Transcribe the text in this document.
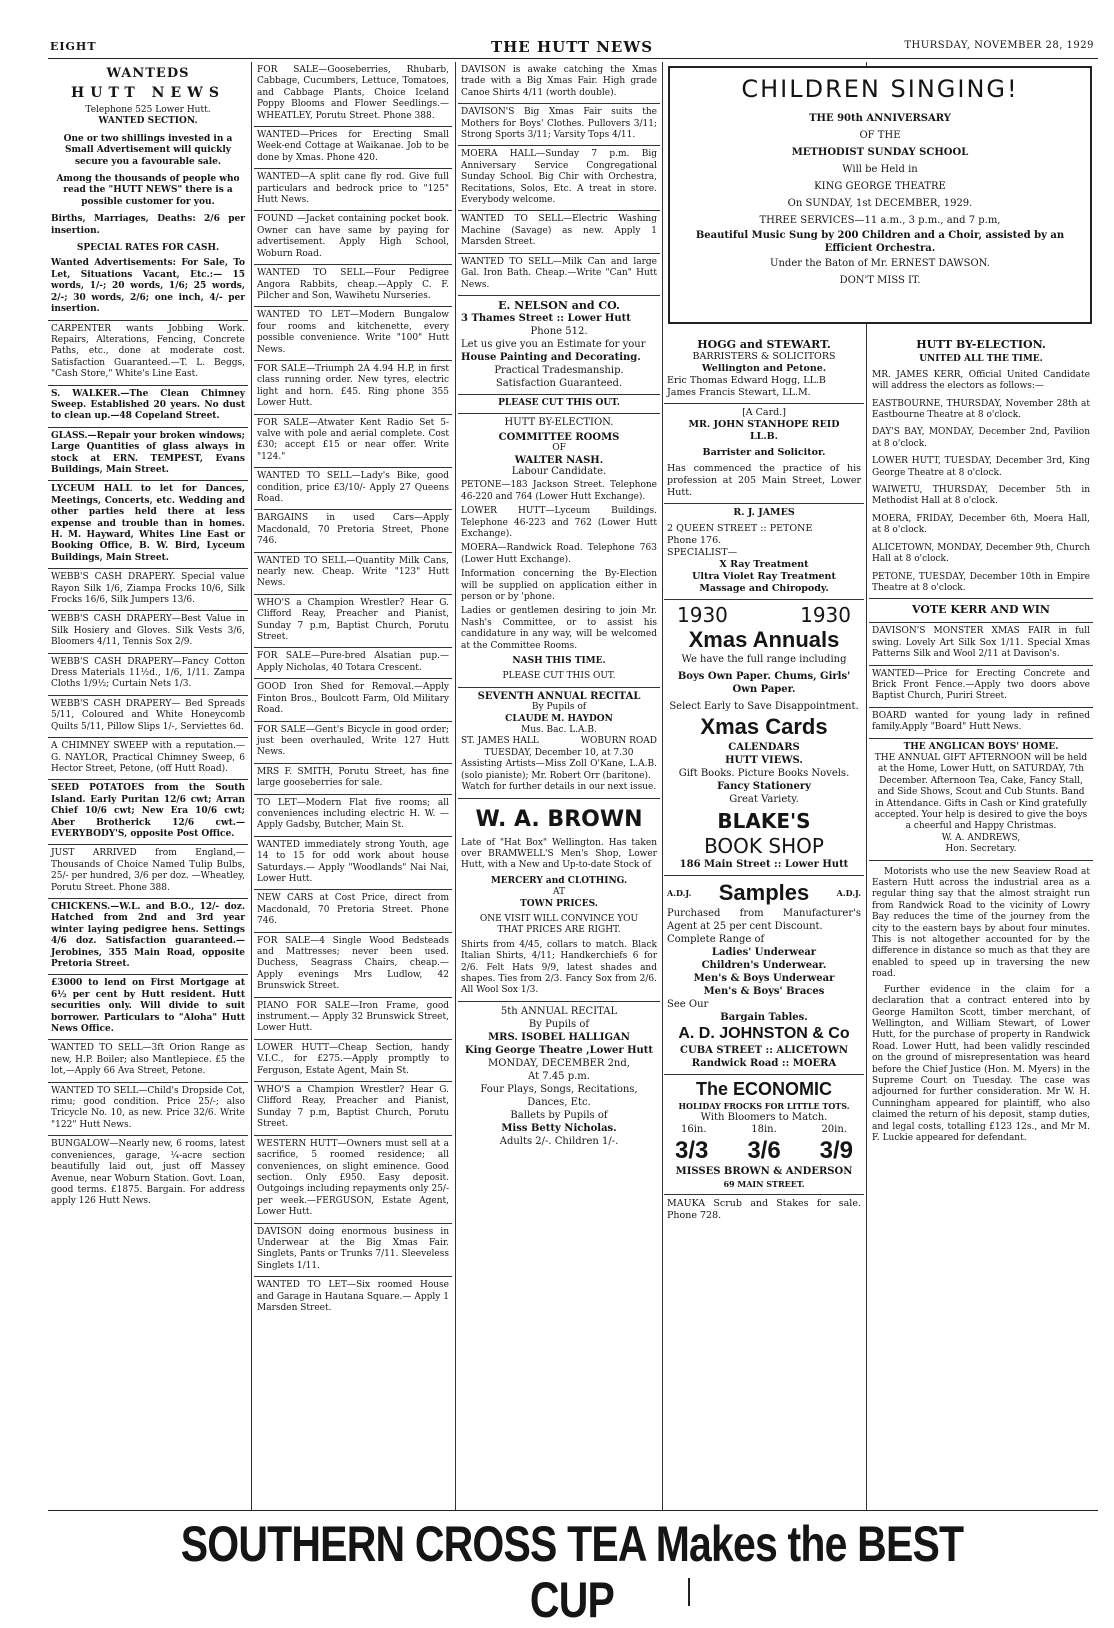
EIGHT	THE HUTT NEWS	THURSDAY, NOVEMBER 28, 1929
WANTEDS
HUTT NEWS
Telephone 525 Lower Hutt.
WANTED SECTION.
One or two shillings invested in a Small Advertisement will quickly secure you a favourable sale.
Among the thousands of people who read the "HUTT NEWS" there is a possible customer for you.
Births, Marriages, Deaths: 2/6 per insertion.
SPECIAL RATES FOR CASH.
Wanted Advertisements: For Sale, To Let, Situations Vacant, Etc.:— 15 words, 1/-; 20 words, 1/6; 25 words, 2/-; 30 words, 2/6; one inch, 4/- per insertion.
CARPENTER wants Jobbing Work. Repairs, Alterations, Fencing, Concrete Paths, etc., done at moderate cost. Satisfaction Guaranteed.—T. L. Beggs, "Cash Store," White's Line East.
S. WALKER.—The Clean Chimney Sweep. Established 20 years. No dust to clean up.—48 Copeland Street.
GLASS.—Repair your broken windows; Large Quantities of glass always in stock at ERN. TEMPEST, Evans Buildings, Main Street.
LYCEUM HALL to let for Dances, Meetings, Concerts, etc. Wedding and other parties held there at less expense and trouble than in homes. H. M. Hayward, Whites Line East or Booking Office, B. W. Bird, Lyceum Buildings, Main Street.
WEBB'S CASH DRAPERY. Special value Rayon Silk 1/6, Ziampa Frocks 10/6, Silk Frocks 16/6, Silk Jumpers 13/6.
WEBB'S CASH DRAPERY—Best Value in Silk Hosiery and Gloves. Silk Vests 3/6, Bloomers 4/11, Tennis Sox 2/9.
WEBB'S CASH DRAPERY—Fancy Cotton Dress Materials 11½d., 1/6, 1/11. Zampa Cloths 1/9½; Curtain Nets 1/3.
WEBB'S CASH DRAPERY— Bed Spreads 5/11, Coloured and White Honeycomb Quilts 5/11, Pillow Slips 1/-, Serviettes 6d.
A CHIMNEY SWEEP with a reputation.—G. NAYLOR, Practical Chimney Sweep, 6 Hector Street, Petone, (off Hutt Road).
SEED POTATOES from the South Island. Early Puritan 12/6 cwt; Arran Chief 10/6 cwt; New Era 10/6 cwt; Aber Brotherick 12/6 cwt.— EVERYBODY'S, opposite Post Office.
JUST ARRIVED from England,— Thousands of Choice Named Tulip Bulbs, 25/- per hundred, 3/6 per doz. —Wheatley, Porutu Street. Phone 388.
CHICKENS.—W.L. and B.O., 12/- doz. Hatched from 2nd and 3rd year winter laying pedigree hens. Settings 4/6 doz. Satisfaction guaranteed.— Jerobines, 355 Main Road, opposite Pretoria Street.
£3000 to lend on First Mortgage at 6½ per cent by Hutt resident. Hutt securities only. Will divide to suit borrower. Particulars to "Aloha" Hutt News Office.
WANTED TO SELL—3ft Orion Range as new, H.P. Boiler; also Mantlepiece. £5 the lot,—Apply 66 Ava Street, Petone.
WANTED TO SELL—Child's Dropside Cot, rimu; good condition. Price 25/-; also Tricycle No. 10, as new. Price 32/6. Write "122" Hutt News.
BUNGALOW—Nearly new, 6 rooms, latest conveniences, garage, ¼-acre section beautifully laid out, just off Massey Avenue, near Woburn Station. Govt. Loan, good terms. £1875. Bargain. For address apply 126 Hutt News.
FOR SALE—Gooseberries, Rhubarb, Cabbage, Cucumbers, Lettuce, Tomatoes, and Cabbage Plants, Choice Iceland Poppy Blooms and Flower Seedlings.—WHEATLEY, Porutu Street. Phone 388.
WANTED—Prices for Erecting Small Week-end Cottage at Waikanae. Job to be done by Xmas. Phone 420.
WANTED—A split cane fly rod. Give full particulars and bedrock price to "125" Hutt News.
FOUND —Jacket containing pocket book. Owner can have same by paying for advertisement. Apply High School, Woburn Road.
WANTED TO SELL—Four Pedigree Angora Rabbits, cheap.—Apply C. F. Pilcher and Son, Wawihetu Nurseries.
WANTED TO LET—Modern Bungalow four rooms and kitchenette, every possible convenience. Write "100" Hutt News.
FOR SALE—Triumph 2A 4.94 H.P, in first class running order. New tyres, electric light and horn. £45. Ring phone 355 Lower Hutt.
FOR SALE—Atwater Kent Radio Set 5-valve with pole and aerial complete. Cost £30; accept £15 or near offer. Write "124."
WANTED TO SELL—Lady's Bike, good condition, price £3/10/- Apply 27 Queens Road.
BARGAINS in used Cars—Apply Macdonald, 70 Pretoria Street, Phone 746.
WANTED TO SELL—Quantity Milk Cans, nearly new. Cheap. Write "123" Hutt News.
WHO'S a Champion Wrestler? Hear G. Clifford Reay, Preacher and Pianist, Sunday 7 p.m, Baptist Church, Porutu Street.
FOR SALE—Pure-bred Alsatian pup.— Apply Nicholas, 40 Totara Crescent.
GOOD Iron Shed for Removal.—Apply Finton Bros., Boulcott Farm, Old Military Road.
FOR SALE—Gent's Bicycle in good order; just been overhauled, Write 127 Hutt News.
MRS F. SMITH, Porutu Street, has fine large gooseberries for sale.
TO LET—Modern Flat five rooms; all conveniences including electric H. W. —Apply Gadsby, Butcher, Main St.
WANTED immediately strong Youth, age 14 to 15 for odd work about house Saturdays.— Apply "Woodlands" Nai Nai, Lower Hutt.
NEW CARS at Cost Price, direct from Macdonald, 70 Pretoria Street. Phone 746.
FOR SALE—4 Single Wood Bedsteads and Mattresses; never been used. Duchess, Seagrass Chairs, cheap.— Apply evenings Mrs Ludlow, 42 Brunswick Street.
PIANO FOR SALE—Iron Frame, good instrument.— Apply 32 Brunswick Street, Lower Hutt.
LOWER HUTT—Cheap Section, handy V.I.C., for £275.—Apply promptly to Ferguson, Estate Agent, Main St.
WHO'S a Champion Wrestler? Hear G. Clifford Reay, Preacher and Pianist, Sunday 7 p.m, Baptist Church, Porutu Street.
WESTERN HUTT—Owners must sell at a sacrifice, 5 roomed residence; all conveniences, on slight eminence. Good section. Only £950. Easy deposit. Outgoings including repayments only 25/- per week.—FERGUSON, Estate Agent, Lower Hutt.
DAVISON doing enormous business in Underwear at the Big Xmas Fair. Singlets, Pants or Trunks 7/11. Sleeveless Singlets 1/11.
WANTED TO LET—Six roomed House and Garage in Hautana Square.— Apply 1 Marsden Street.
DAVISON is awake catching the Xmas trade with a Big Xmas Fair. High grade Canoe Shirts 4/11 (worth double).
DAVISON'S Big Xmas Fair suits the Mothers for Boys' Clothes. Pullovers 3/11; Strong Sports 3/11; Varsity Tops 4/11.
MOERA HALL—Sunday 7 p.m. Big Anniversary Service Congregational Sunday School. Big Chir with Orchestra, Recitations, Solos, Etc. A treat in store. Everybody welcome.
WANTED TO SELL—Electric Washing Machine (Savage) as new. Apply 1 Marsden Street.
WANTED TO SELL—Milk Can and large Gal. Iron Bath. Cheap.—Write "Can" Hutt News.
E. NELSON and CO.
3 Thames Street :: Lower Hutt
Phone 512.
Let us give you an Estimate for your
House Painting and Decorating.
Practical Tradesmanship.
Satisfaction Guaranteed.
PLEASE CUT THIS OUT.
HUTT BY-ELECTION.
COMMITTEE ROOMS
OF
WALTER NASH.
Labour Candidate.
PETONE—183 Jackson Street. Telephone 46-220 and 764 (Lower Hutt Exchange).
LOWER HUTT—Lyceum Buildings. Telephone 46-223 and 762 (Lower Hutt Exchange).
MOERA—Randwick Road. Telephone 763 (Lower Hutt Exchange).
Information concerning the By-Election will be supplied on application either in person or by 'phone.
Ladies or gentlemen desiring to join Mr. Nash's Committee, or to assist his candidature in any way, will be welcomed at the Committee Rooms.
NASH THIS TIME.
PLEASE CUT THIS OUT.
SEVENTH ANNUAL RECITAL
By Pupils of
CLAUDE M. HAYDON
Mus. Bac. L.A.B.
ST. JAMES HALL	WOBURN ROAD
TUESDAY, December 10, at 7.30
Assisting Artists—Miss Zoll O'Kane, L.A.B. (solo pianiste); Mr. Robert Orr (baritone).
Watch for further details in our next issue.
W. A. BROWN
Late of "Hat Box" Wellington. Has taken over BRAMWELL'S Men's Shop, Lower Hutt, with a New and Up-to-date Stock of
MERCERY and CLOTHING.
AT
TOWN PRICES.
ONE VISIT WILL CONVINCE YOU
THAT PRICES ARE RIGHT.
Shirts from 4/45, collars to match. Black Italian Shirts, 4/11; Handkerchiefs 6 for 2/6. Felt Hats 9/9, latest shades and shapes. Ties from 2/3. Fancy Sox from 2/6. All Wool Sox 1/3.
5th ANNUAL RECITAL
By Pupils of
MRS. ISOBEL HALLIGAN
King George Theatre ,Lower Hutt
MONDAY, DECEMBER 2nd,
At 7.45 p.m.
Four Plays, Songs, Recitations, Dances, Etc.
Ballets by Pupils of
Miss Betty Nicholas.
Adults 2/-. Children 1/-.
CHILDREN SINGING!
THE 90th ANNIVERSARY
OF THE
METHODIST SUNDAY SCHOOL
Will be Held in
KING GEORGE THEATRE
On SUNDAY, 1st DECEMBER, 1929.
THREE SERVICES—11 a.m., 3 p.m., and 7 p.m,
Beautiful Music Sung by 200 Children and a Choir, assisted by an Efficient Orchestra.
Under the Baton of Mr. ERNEST DAWSON.
DON'T MISS IT.
HOGG and STEWART.
BARRISTERS & SOLICITORS
Wellington and Petone.
Eric Thomas Edward Hogg, LL.B
James Francis Stewart, LL.M.
[A Card.]
MR. JOHN STANHOPE REID
LL.B.
Barrister and Solicitor.
Has commenced the practice of his profession at 205 Main Street, Lower Hutt.
R. J. JAMES
2 QUEEN STREET :: PETONE
Phone 176.
SPECIALIST—
X Ray Treatment
Ultra Violet Ray Treatment
Massage and Chiropody.
1930	1930
Xmas Annuals
We have the full range including
Boys Own Paper. Chums, Girls' Own Paper.
Select Early to Save Disappointment.
Xmas Cards
CALENDARS
HUTT VIEWS.
Gift Books. Picture Books Novels.
Fancy Stationery
Great Variety.
BLAKE'S
BOOK SHOP
186 Main Street :: Lower Hutt
A.D.J. Samples	A.D.J.
Purchased from Manufacturer's Agent at 25 per cent Discount.
Complete Range of
Ladies' Underwear
Children's Underwear.
Men's & Boys Underwear
Men's & Boys' Braces
See Our
Bargain Tables.
A. D. JOHNSTON & Co
CUBA STREET :: ALICETOWN
Randwick Road :: MOERA
The ECONOMIC
HOLIDAY FROCKS FOR LITTLE TOTS.
With Bloomers to Match.
16in.	18in.	20in.
3/3 3/6 3/9
MISSES BROWN & ANDERSON
69 MAIN STREET.
MAUKA Scrub and Stakes for sale. Phone 728.
HUTT BY-ELECTION.
UNITED ALL THE TIME.
MR. JAMES KERR, Official United Candidate will address the electors as follows:—
EASTBOURNE, THURSDAY, November 28th at Eastbourne Theatre at 8 o'clock.
DAY'S BAY, MONDAY, December 2nd, Pavilion at 8 o'clock.
LOWER HUTT, TUESDAY, December 3rd, King George Theatre at 8 o'clock.
WAIWETU, THURSDAY, December 5th in Methodist Hall at 8 o'clock.
MOERA, FRIDAY, December 6th, Moera Hall, at 8 o'clock.
ALICETOWN, MONDAY, December 9th, Church Hall at 8 o'clock.
PETONE, TUESDAY, December 10th in Empire Theatre at 8 o'clock.
VOTE KERR AND WIN
DAVISON'S MONSTER XMAS FAIR in full swing. Lovely Art Silk Sox 1/11. Special Xmas Patterns Silk and Wool 2/11 at Davison's.
WANTED—Price for Erecting Concrete and Brick Front Fence.—Apply two doors above Baptist Church, Puriri Street.
BOARD wanted for young lady in refined family.Apply "Board" Hutt News.
THE ANGLICAN BOYS' HOME.
THE ANNUAL GIFT AFTERNOON will be held at the Home, Lower Hutt, on SATURDAY, 7th December. Afternoon Tea, Cake, Fancy Stall, and Side Shows, Scout and Cub Stunts. Band in Attendance. Gifts in Cash or Kind gratefully accepted. Your help is desired to give the boys a cheerful and Happy Christmas.
W. A. ANDREWS,
Hon. Secretary.
Motorists who use the new Seaview Road at Eastern Hutt across the industrial area as a regular thing say that the almost straight run from Randwick Road to the vicinity of Lowry Bay reduces the time of the journey from the city to the eastern bays by about four minutes. This is not altogether accounted for by the difference in distance so much as that they are enabled to speed up in traversing the new road.
Further evidence in the claim for a declaration that a contract entered into by George Hamilton Scott, timber merchant, of Wellington, and William Stewart, of Lower Hutt, for the purchase of property in Randwick Road. Lower Hutt, had been validly rescinded on the ground of misrepresentation was heard before the Chief Justice (Hon. M. Myers) in the Supreme Court on Tuesday. The case was adjourned for further consideration. Mr W. H. Cunningham appeared for plaintiff, who also claimed the return of his deposit, stamp duties, and legal costs, totalling £123 12s., and Mr M. F. Luckie appeared for defendant.
SOUTHERN CROSS TEA Makes the BEST CUP
